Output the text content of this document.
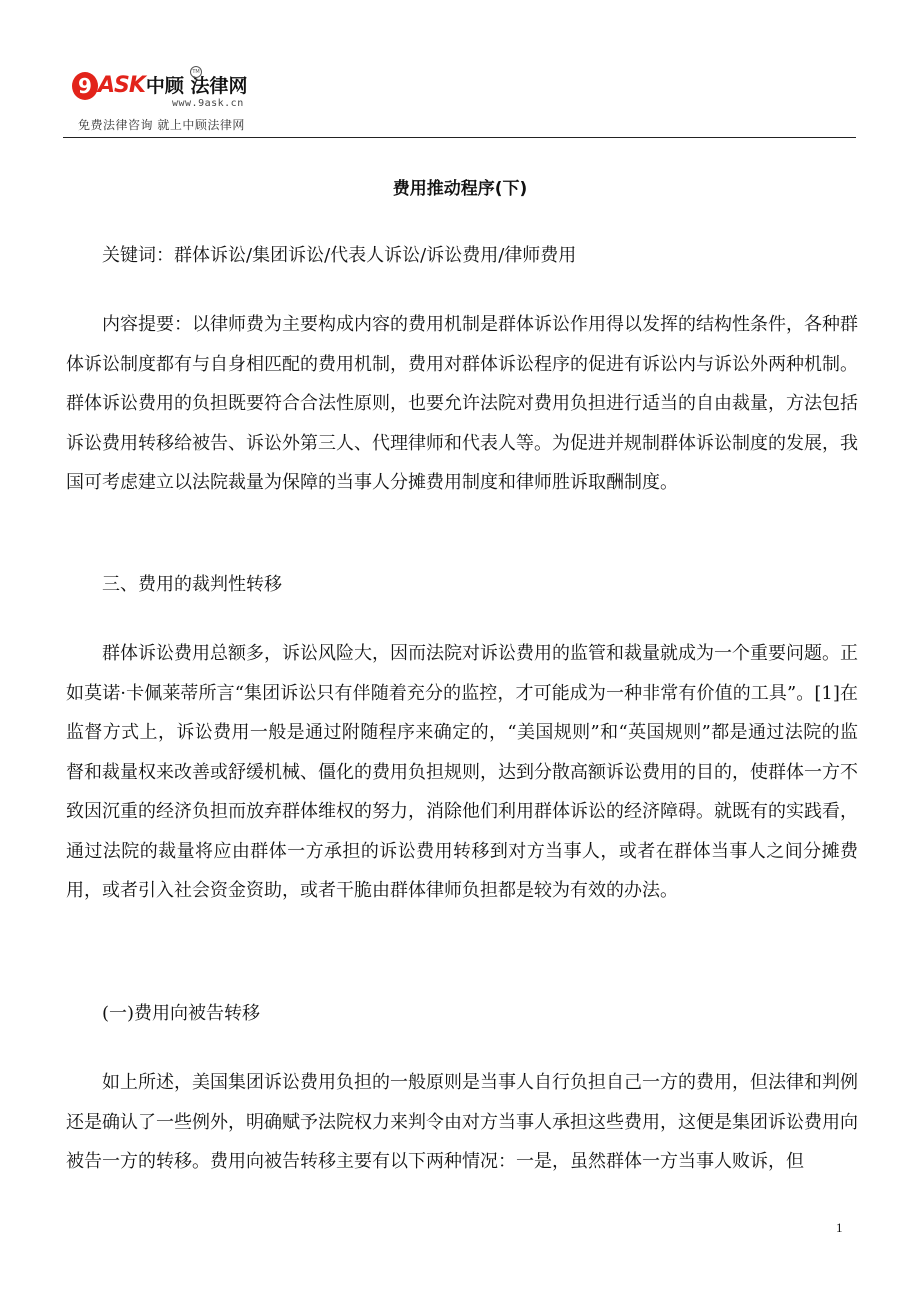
9 ASK中顾 法律网
TM
www.9ask.cn
免费法律咨询 就上中顾法律网
费用推动程序(下)

关键词：群体诉讼/集团诉讼/代表人诉讼/诉讼费用/律师费用

内容提要：以律师费为主要构成内容的费用机制是群体诉讼作用得以发挥的结构性条件，各种群体诉讼制度都有与自身相匹配的费用机制，费用对群体诉讼程序的促进有诉讼内与诉讼外两种机制。群体诉讼费用的负担既要符合合法性原则，也要允许法院对费用负担进行适当的自由裁量，方法包括诉讼费用转移给被告、诉讼外第三人、代理律师和代表人等。为促进并规制群体诉讼制度的发展，我国可考虑建立以法院裁量为保障的当事人分摊费用制度和律师胜诉取酬制度。

三、费用的裁判性转移

群体诉讼费用总额多，诉讼风险大，因而法院对诉讼费用的监管和裁量就成为一个重要问题。正如莫诺·卡佩莱蒂所言“集团诉讼只有伴随着充分的监控，才可能成为一种非常有价值的工具”。[1]在监督方式上，诉讼费用一般是通过附随程序来确定的，“美国规则”和“英国规则”都是通过法院的监督和裁量权来改善或舒缓机械、僵化的费用负担规则，达到分散高额诉讼费用的目的，使群体一方不致因沉重的经济负担而放弃群体维权的努力，消除他们利用群体诉讼的经济障碍。就既有的实践看，通过法院的裁量将应由群体一方承担的诉讼费用转移到对方当事人，或者在群体当事人之间分摊费用，或者引入社会资金资助，或者干脆由群体律师负担都是较为有效的办法。

(一)费用向被告转移

如上所述，美国集团诉讼费用负担的一般原则是当事人自行负担自己一方的费用，但法律和判例还是确认了一些例外，明确赋予法院权力来判令由对方当事人承担这些费用，这便是集团诉讼费用向被告一方的转移。费用向被告转移主要有以下两种情况：一是，虽然群体一方当事人败诉，但

1
